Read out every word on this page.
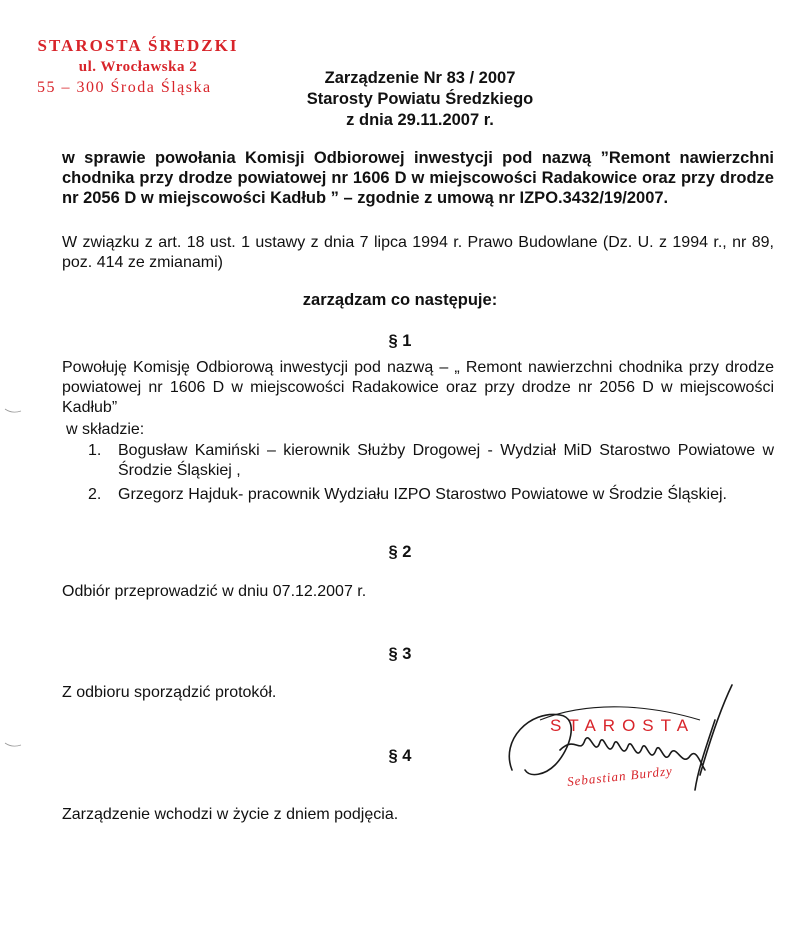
STAROSTA ŚREDZKI
ul. Wrocławska 2
55 – 300 Środa Śląska
Zarządzenie Nr 83 / 2007
Starosty Powiatu Średzkiego
z dnia 29.11.2007 r.
w sprawie powołania Komisji Odbiorowej inwestycji pod nazwą ”Remont nawierzchni chodnika przy drodze powiatowej nr 1606 D w miejscowości Radakowice oraz przy drodze nr 2056 D w miejscowości Kadłub ” – zgodnie z umową nr IZPO.3432/19/2007.
W związku z art. 18 ust. 1 ustawy z dnia 7 lipca 1994 r. Prawo Budowlane (Dz. U. z 1994 r., nr 89, poz. 414 ze zmianami)
zarządzam co następuje:
§ 1
Powołuję Komisję Odbiorową inwestycji pod nazwą – „ Remont nawierzchni chodnika przy drodze powiatowej nr 1606 D w miejscowości Radakowice oraz przy drodze nr 2056 D w miejscowości Kadłub”
w składzie:
1. Bogusław Kamiński – kierownik Służby Drogowej - Wydział MiD Starostwo Powiatowe w Środzie Śląskiej ,
2. Grzegorz Hajduk- pracownik Wydziału IZPO Starostwo Powiatowe w Środzie Śląskiej.
§ 2
Odbiór przeprowadzić w dniu 07.12.2007 r.
§ 3
Z odbioru sporządzić protokół.
§ 4
Zarządzenie wchodzi w życie z dniem podjęcia.
STAROSTA
Sebastian Burdzy
